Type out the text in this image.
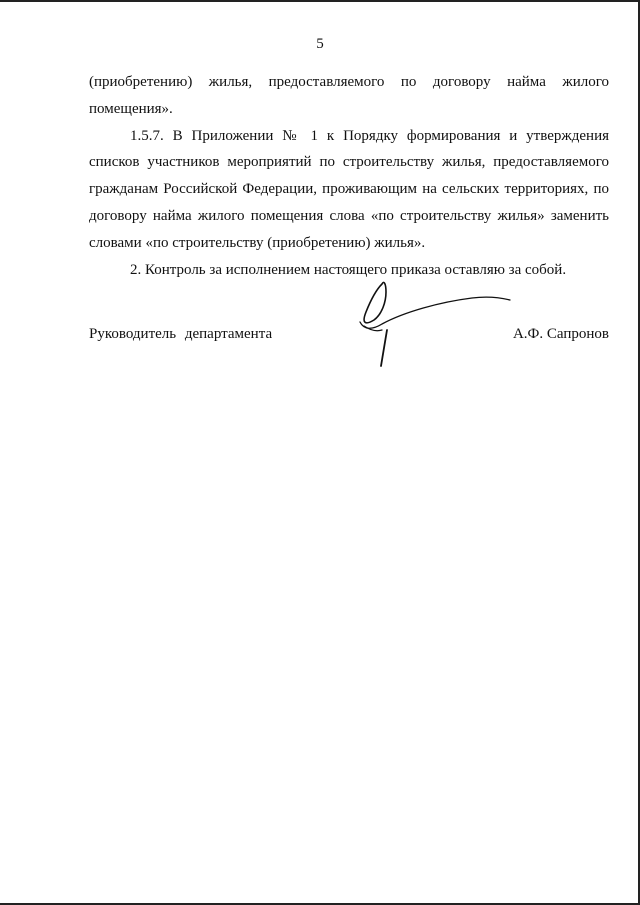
5

(приобретению) жилья, предоставляемого по договору найма жилого
помещения».

1.5.7. В Приложении № 1 к Порядку формирования и утверждения
списков участников мероприятий по строительству жилья, предоставляемого
гражданам Российской Федерации, проживающим на сельских территориях, по
договору найма жилого помещения слова «по строительству жилья» заменить
словами «по строительству (приобретению) жилья».

2. Контроль за исполнением настоящего приказа оставляю за собой.

Руководитель департамента	А.Ф. Сапронов
